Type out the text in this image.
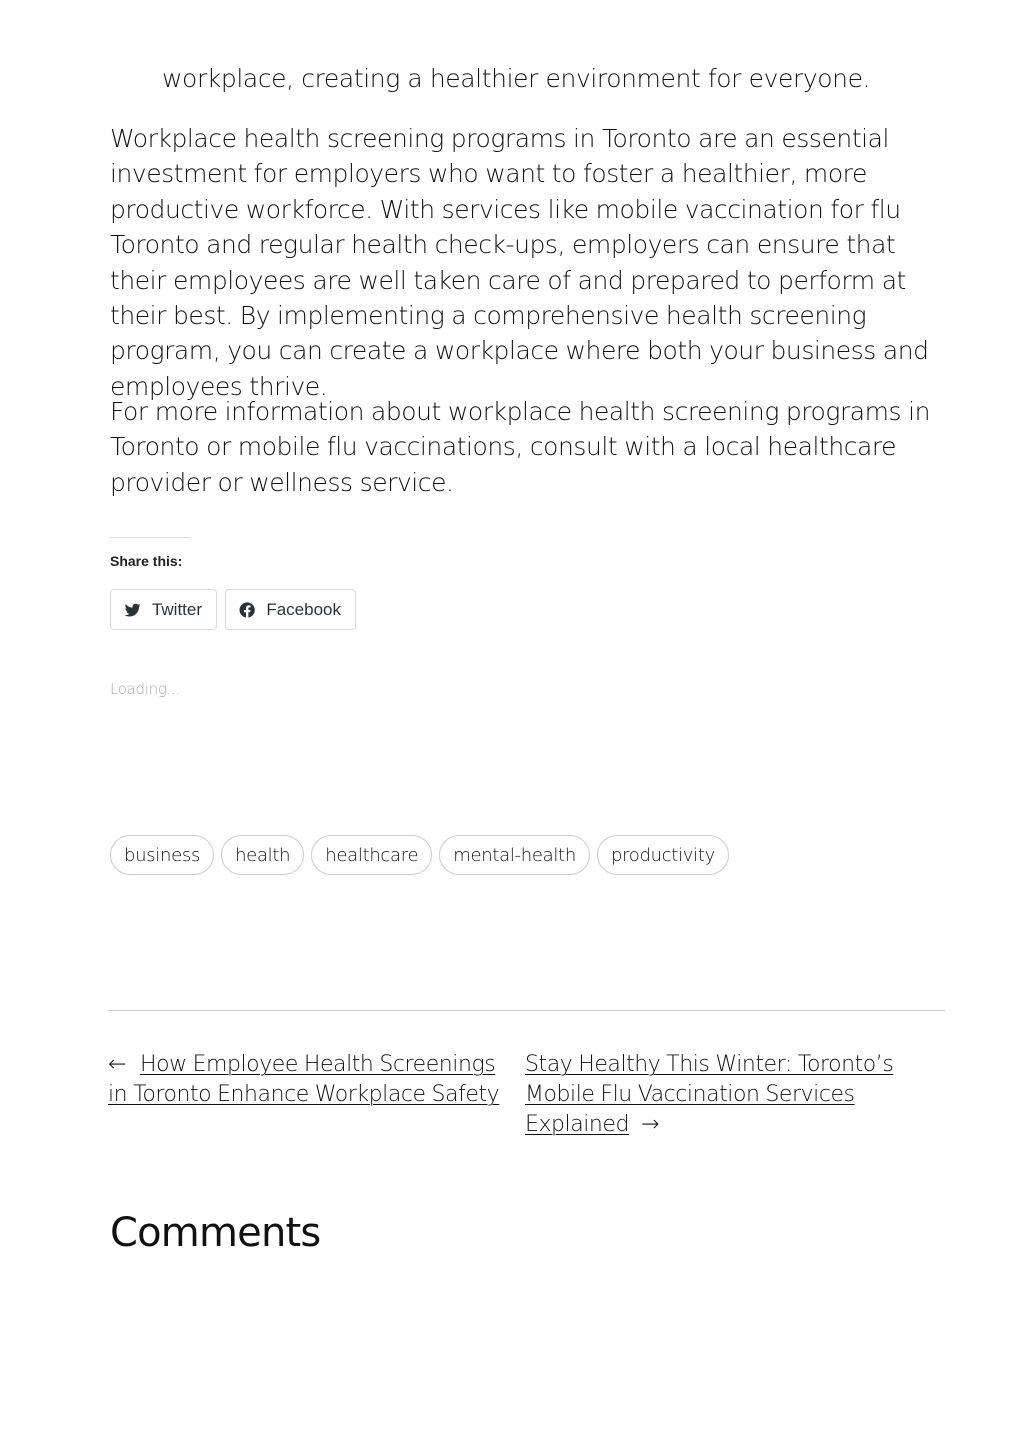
workplace, creating a healthier environment for everyone.

Workplace health screening programs in Toronto are an essential investment for employers who want to foster a healthier, more productive workforce. With services like mobile vaccination for flu Toronto and regular health check-ups, employers can ensure that their employees are well taken care of and prepared to perform at their best. By implementing a comprehensive health screening program, you can create a workplace where both your business and employees thrive.

For more information about workplace health screening programs in Toronto or mobile flu vaccinations, consult with a local healthcare provider or wellness service.

Share this:
Twitter	Facebook
Loading...
business	health	healthcare	mental-health	productivity
← How Employee Health Screenings in Toronto Enhance Workplace Safety
Stay Healthy This Winter: Toronto’s Mobile Flu Vaccination Services Explained →
Comments
